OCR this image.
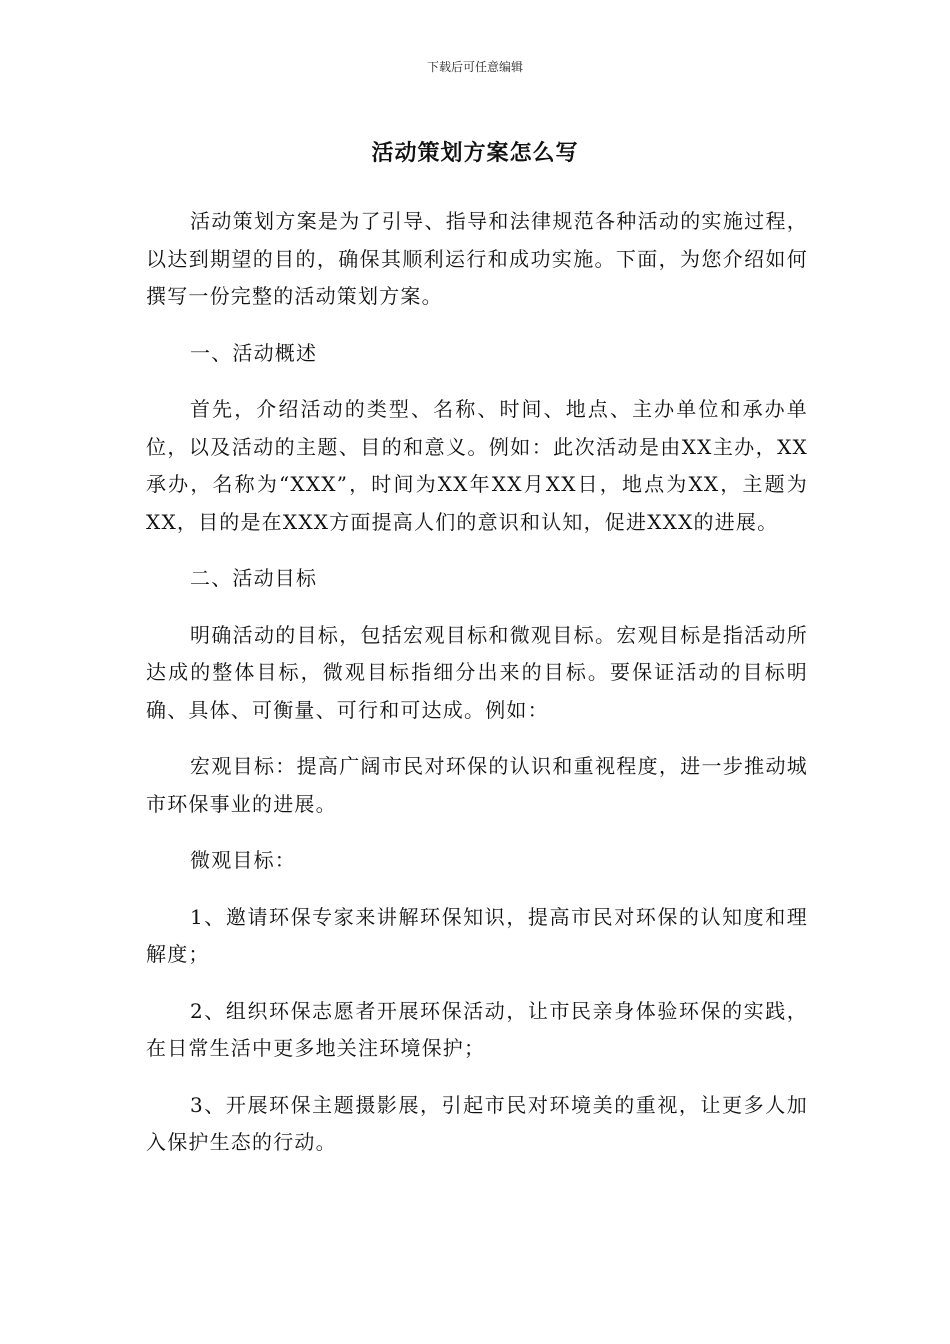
下载后可任意编辑
活动策划方案怎么写

活动策划方案是为了引导、指导和法律规范各种活动的实施过程，以达到期望的目的，确保其顺利运行和成功实施。下面，为您介绍如何撰写一份完整的活动策划方案。

一、活动概述

首先，介绍活动的类型、名称、时间、地点、主办单位和承办单位，以及活动的主题、目的和意义。例如：此次活动是由XX主办，XX承办，名称为“XXX”，时间为XX年XX月XX日，地点为XX，主题为XX，目的是在XXX方面提高人们的意识和认知，促进XXX的进展。

二、活动目标

明确活动的目标，包括宏观目标和微观目标。宏观目标是指活动所达成的整体目标，微观目标指细分出来的目标。要保证活动的目标明确、具体、可衡量、可行和可达成。例如：

宏观目标：提高广阔市民对环保的认识和重视程度，进一步推动城市环保事业的进展。

微观目标：

1、邀请环保专家来讲解环保知识，提高市民对环保的认知度和理解度；

2、组织环保志愿者开展环保活动，让市民亲身体验环保的实践，在日常生活中更多地关注环境保护；

3、开展环保主题摄影展，引起市民对环境美的重视，让更多人加入保护生态的行动。
